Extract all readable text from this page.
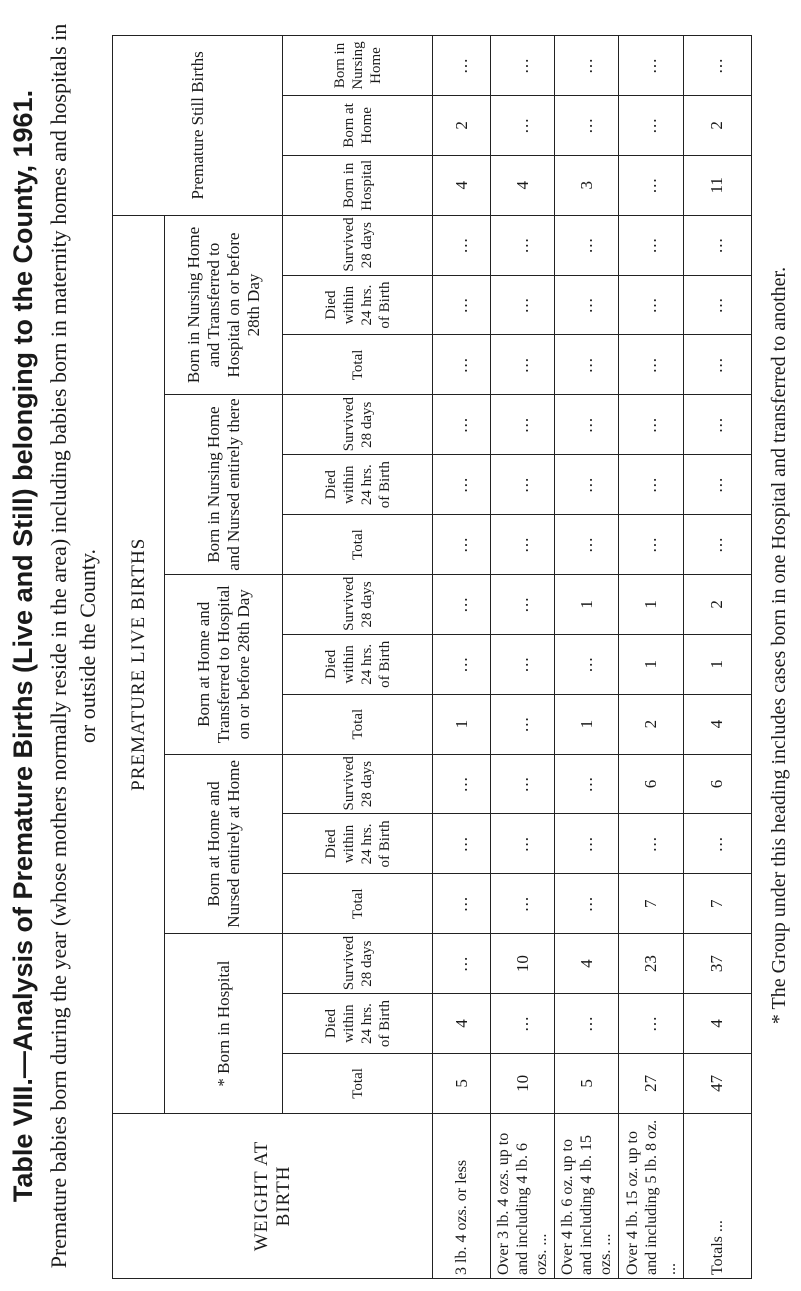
Table VIII.—Analysis of Premature Births (Live and Still) belonging to the County, 1961. Premature babies born during the year (whose mothers normally reside in the area) including babies born in maternity homes and hospitals in or outside the County.
WEIGHT AT BIRTH	PREMATURE LIVE BIRTHS															Premature Still Births		
	* Born in Hospital			Born at Home and Nursed entirely at Home			Born at Home and Transferred to Hospital on or before 28th Day			Born in Nursing Home and Nursed entirely there			Born in Nursing Home and Transferred to Hospital on or before 28th Day					
	Total	Died within 24 hrs. of Birth	Survived 28 days	Total	Died within 24 hrs. of Birth	Survived 28 days	Total	Died within 24 hrs. of Birth	Survived 28 days	Total	Died within 24 hrs. of Birth	Survived 28 days	Total	Died within 24 hrs. of Birth	Survived 28 days	Born in Hospital	Born at Home	Born in Nursing Home
3 lb. 4 ozs. or less	5	4	...	...	...	...	1	...	...	...	...	...	...	...	...	4	2	...
Over 3 lb. 4 ozs. up to and including 4 lb. 6 ozs. ...	10	...	10	...	...	...	...	...	...	...	...	...	...	...	...	4	...	...
Over 4 lb. 6 oz. up to and including 4 lb. 15 ozs. ...	5	...	4	...	...	...	1	...	1	...	...	...	...	...	...	3	...	...
Over 4 lb. 15 oz. up to and including 5 lb. 8 oz. ...	27	...	23	7	...	6	2	1	1	...	...	...	...	...	...	...	...	...
Totals ...	47	4	37	7	...	6	4	1	2	...	...	...	...	...	...	11	2	...
* The Group under this heading includes cases born in one Hospital and transferred to another.
